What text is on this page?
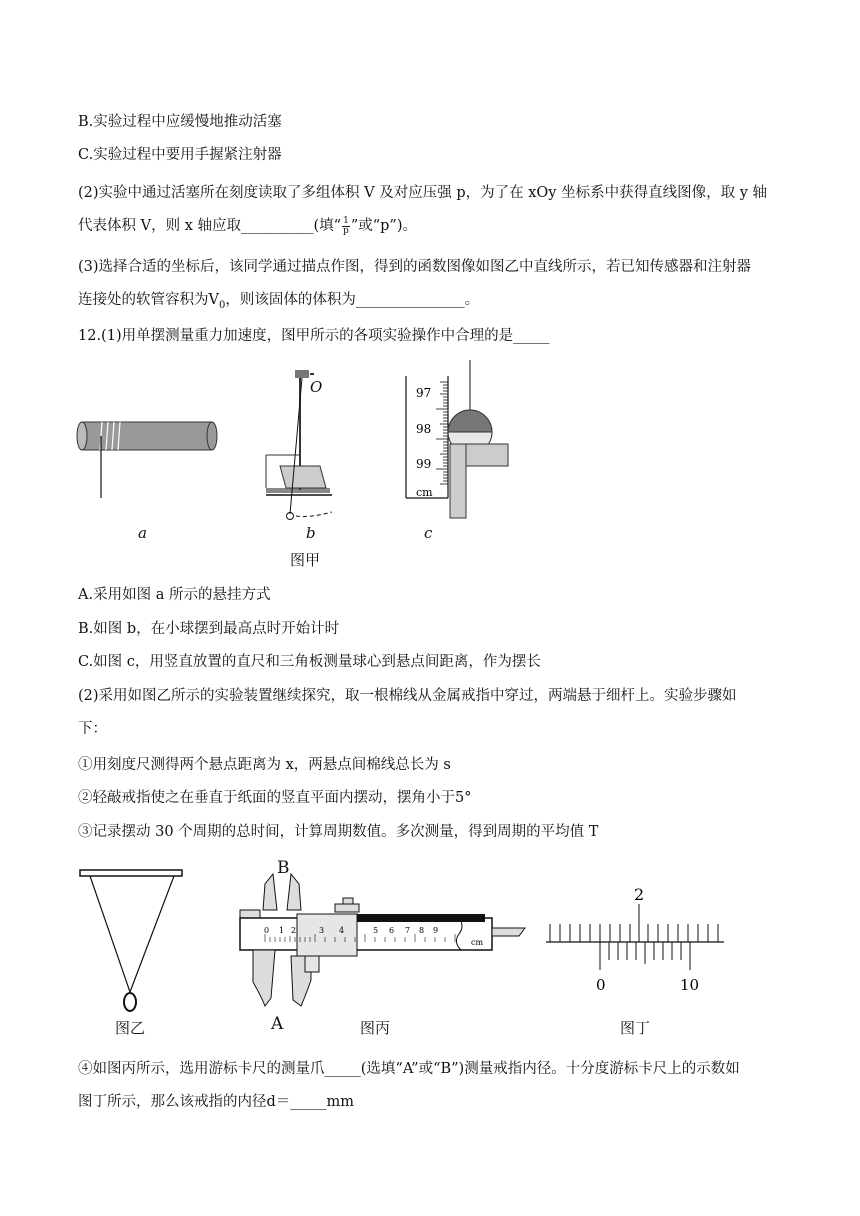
B.实验过程中应缓慢地推动活塞
C.实验过程中要用手握紧注射器
(2)实验中通过活塞所在刻度读取了多组体积 V 及对应压强 p，为了在 xOy 坐标系中获得直线图像，取 y 轴
代表体积 V，则 x 轴应取__________(填“ $\frac{1}{p}$ ”或“p”)。
(3)选择合适的坐标后，该同学通过描点作图，得到的函数图像如图乙中直线所示，若已知传感器和注射器
连接处的软管容积为$V_0$，则该固体的体积为_______________。
12.(1)用单摆测量重力加速度，图甲所示的各项实验操作中合理的是_____
97
98
99
cm
O
a	b	c
图甲
A.采用如图 a 所示的悬挂方式
B.如图 b，在小球摆到最高点时开始计时
C.如图 c，用竖直放置的直尺和三角板测量球心到悬点间距离，作为摆长
(2)采用如图乙所示的实验装置继续探究，取一根棉线从金属戒指中穿过，两端悬于细杆上。实验步骤如
下：
①用刻度尺测得两个悬点距离为 x，两悬点间棉线总长为 s
②轻敲戒指使之在垂直于纸面的竖直平面内摆动，摆角小于5°
③记录摆动 30 个周期的总时间，计算周期数值。多次测量，得到周期的平均值 T
图乙
B
0 1 2	3 4	5 6 7 8 9
cm
A	图丙
2
0	10
图丁
④如图丙所示，选用游标卡尺的测量爪_____(选填“A”或“B”)测量戒指内径。十分度游标卡尺上的示数如
图丁所示，那么该戒指的内径d＝_____mm
